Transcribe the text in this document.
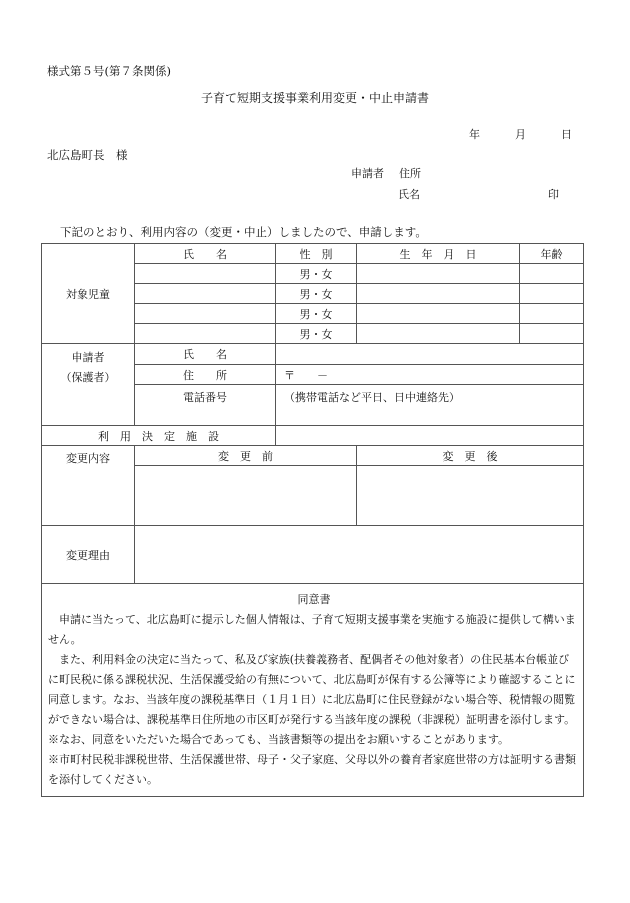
様式第５号(第７条関係)
子育て短期支援事業利用変更・中止申請書
年	月	日
北広島町長　様
申請者 住所
氏名	印
下記のとおり、利用内容の（変更・中止）しましたので、申請します。
対象児童	氏　　名	性　別	生　年　月　日	年齢
		男・女		
		男・女		
		男・女		
		男・女		

申請者
（保護者）	氏　　名			
	住　　所	〒　　－		
	電話番号	（携帯電話など平日、日中連絡先）		
利　用　決　定　施　設				
変更内容	変　更　前		変　更　後	

変更理由				

同意書
申請に当たって、北広島町に提示した個人情報は、子育て短期支援事業を実施する施設に提供して構いません。
また、利用料金の決定に当たって、私及び家族(扶養義務者、配偶者その他対象者）の住民基本台帳並びに町民税に係る課税状況、生活保護受給の有無について、北広島町が保有する公簿等により確認することに同意します。なお、当該年度の課税基準日（１月１日）に北広島町に住民登録がない場合等、税情報の閲覧ができない場合は、課税基準日住所地の市区町が発行する当該年度の課税（非課税）証明書を添付します。
※なお、同意をいただいた場合であっても、当該書類等の提出をお願いすることがあります。
※市町村民税非課税世帯、生活保護世帯、母子・父子家庭、父母以外の養育者家庭世帯の方は証明する書類を添付してください。				
